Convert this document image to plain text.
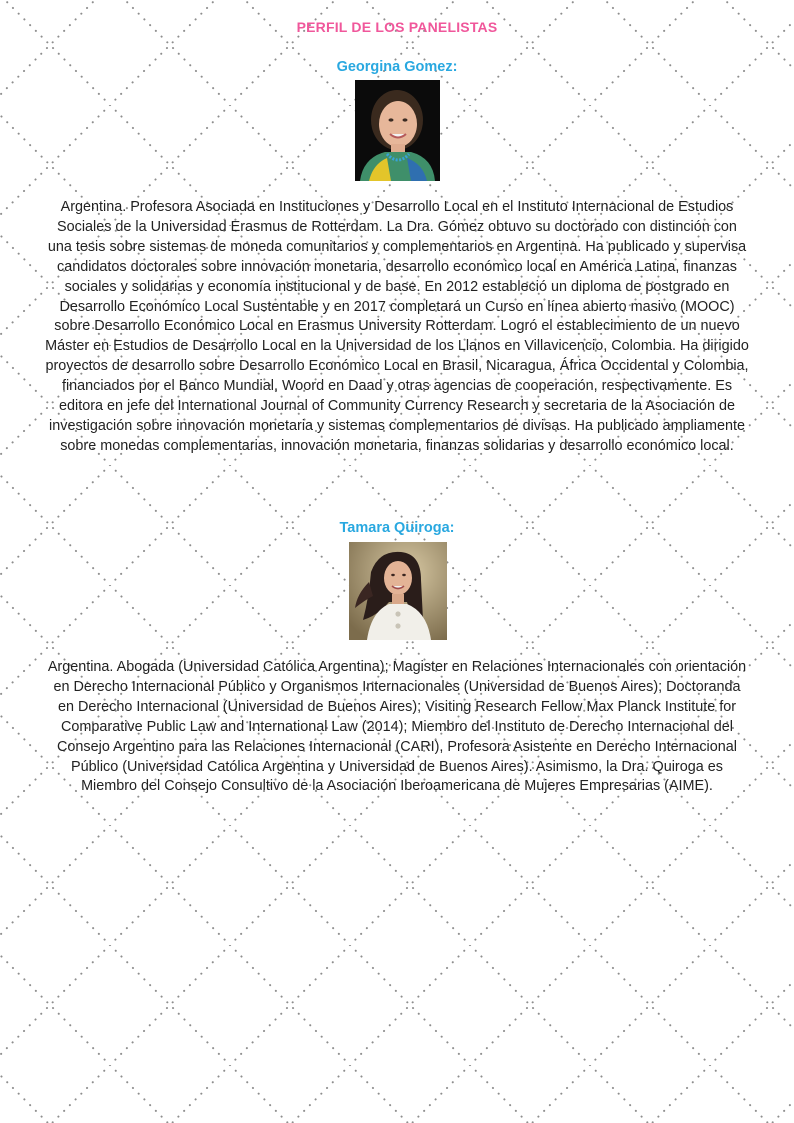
PERFIL DE LOS PANELISTAS
Georgina Gomez:
Argentina. Profesora Asociada en Instituciones y Desarrollo Local en el Instituto Internacional de Estudios Sociales de la Universidad Erasmus de Rotterdam. La Dra. Gómez obtuvo su doctorado con distinción con una tesis sobre sistemas de moneda comunitarios y complementarios en Argentina. Ha publicado y supervisa candidatos doctorales sobre innovación monetaria, desarrollo económico local en América Latina, finanzas sociales y solidarias y economía institucional y de base. En 2012 estableció un diploma de postgrado en Desarrollo Económico Local Sustentable y en 2017 completará un Curso en línea abierto masivo (MOOC) sobre Desarrollo Económico Local en Erasmus University Rotterdam. Logró el establecimiento de un nuevo Máster en Estudios de Desarrollo Local en la Universidad de los Llanos en Villavicencio, Colombia. Ha dirigido proyectos de desarrollo sobre Desarrollo Económico Local en Brasil, Nicaragua, África Occidental y Colombia, financiados por el Banco Mundial, Woord en Daad y otras agencias de cooperación, respectivamente. Es editora en jefe del International Journal of Community Currency Research y secretaria de la Asociación de investigación sobre innovación monetaria y sistemas complementarios de divisas. Ha publicado ampliamente sobre monedas complementarias, innovación monetaria, finanzas solidarias y desarrollo económico local.
Tamara Quiroga:
Argentina. Abogada (Universidad Católica Argentina); Magister en Relaciones Internacionales con orientación en Derecho Internacional Público y Organismos Internacionales (Universidad de Buenos Aires); Doctoranda en Derecho Internacional (Universidad de Buenos Aires); Visiting Research Fellow Max Planck Institute for Comparative Public Law and International Law (2014); Miembro del Instituto de Derecho Internacional del Consejo Argentino para las Relaciones Internacional (CARI), Profesora Asistente en Derecho Internacional Público (Universidad Católica Argentina y Universidad de Buenos Aires). Asimismo, la Dra. Quiroga es Miembro del Consejo Consultivo de la Asociación Iberoamericana de Mujeres Empresarias (AIME).
